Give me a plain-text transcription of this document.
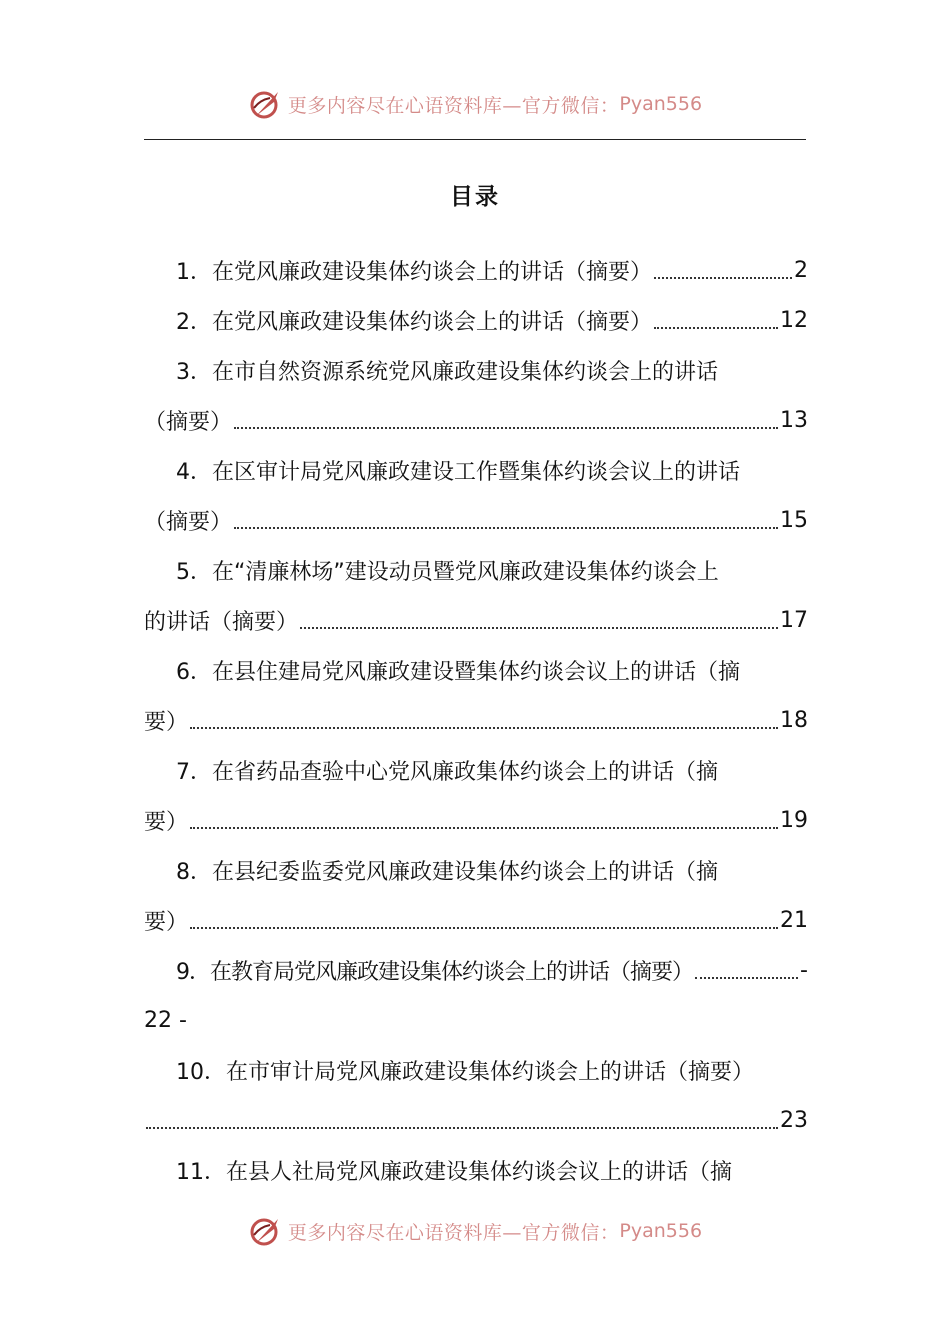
更多内容尽在心语资料库—官方微信： Pyan556
目录
1．在党风廉政建设集体约谈会上的讲话（摘要）	2
2．在党风廉政建设集体约谈会上的讲话（摘要）	12
3．在市自然资源系统党风廉政建设集体约谈会上的讲话
（摘要）	13
4．在区审计局党风廉政建设工作暨集体约谈会议上的讲话
（摘要）	15
5．在“清廉林场”建设动员暨党风廉政建设集体约谈会上
的讲话（摘要）	17
6．在县住建局党风廉政建设暨集体约谈会议上的讲话（摘
要）	18
7．在省药品查验中心党风廉政集体约谈会上的讲话（摘
要）	19
8．在县纪委监委党风廉政建设集体约谈会上的讲话（摘
要）	21
9．在教育局党风廉政建设集体约谈会上的讲话（摘要）	-
22 -
10．在市审计局党风廉政建设集体约谈会上的讲话（摘要）
23
11．在县人社局党风廉政建设集体约谈会议上的讲话（摘
更多内容尽在心语资料库—官方微信： Pyan556
